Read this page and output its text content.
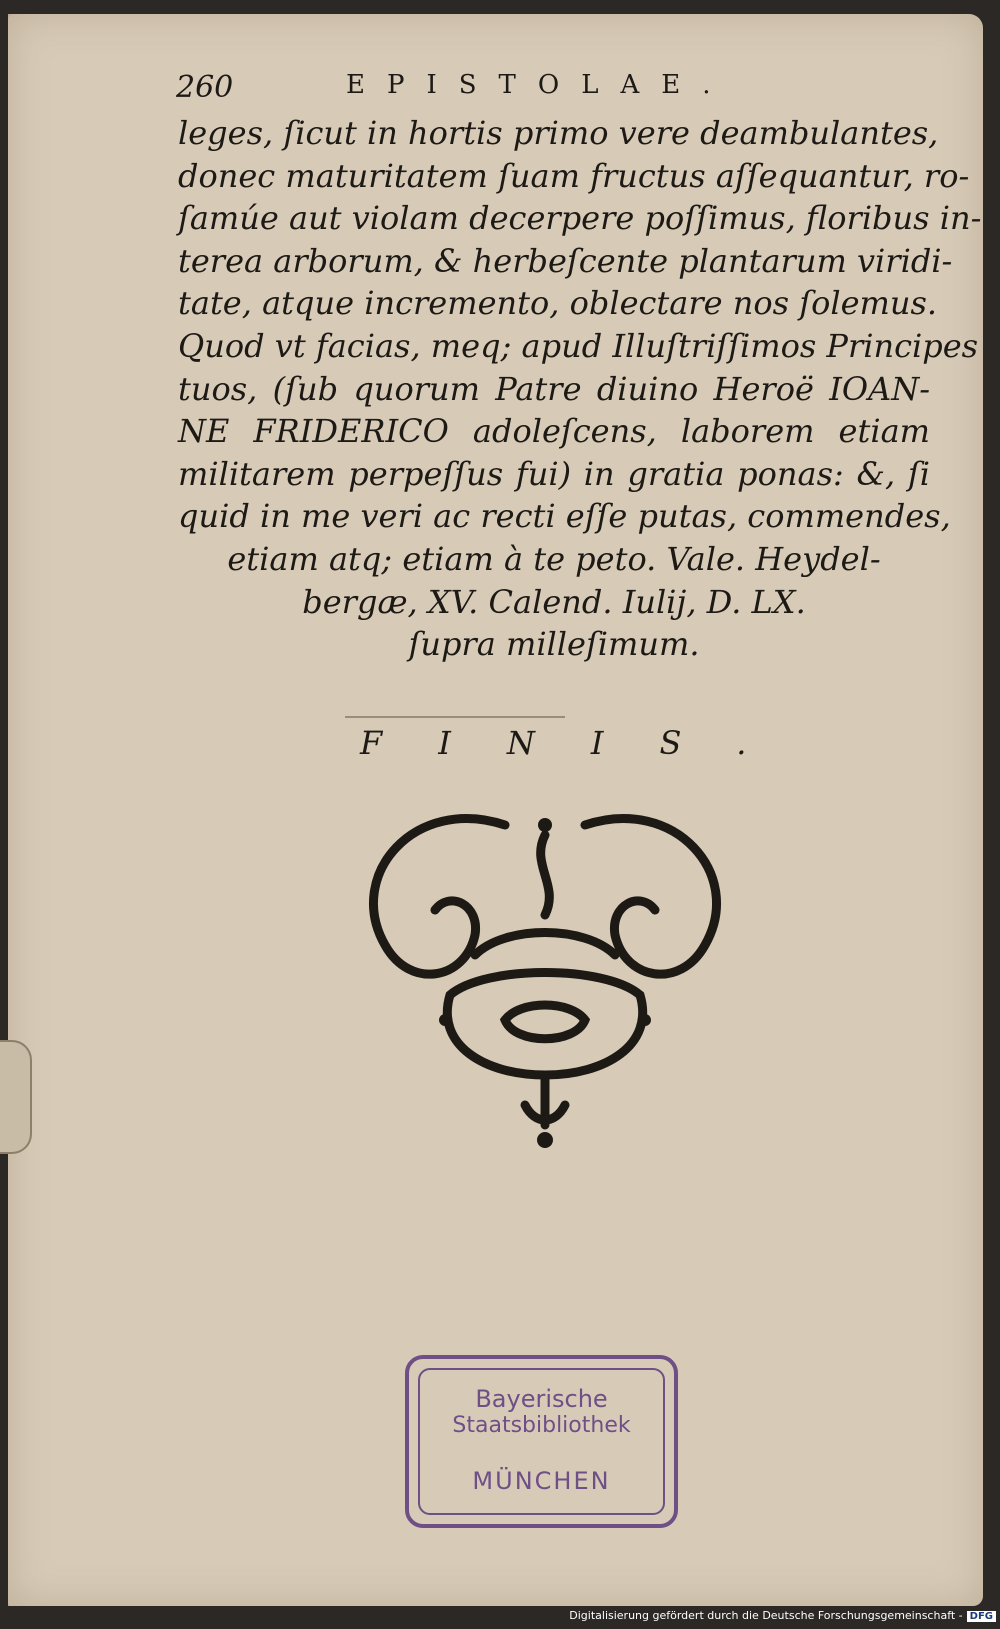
260	EPISTOLAE.
leges, ſicut in hortis primo vere deambulantes,
donec maturitatem ſuam fructus aſſequantur, ro-
ſamúe aut violam decerpere poſſimus, floribus in-
terea arborum, & herbeſcente plantarum viridi-
tate, atque incremento, oblectare nos ſolemus.
Quod vt facias, meq; apud Illuſtriſſimos Principes
tuos, (ſub quorum Patre diuino Heroë IOAN-
NE FRIDERICO adoleſcens, laborem etiam
militarem perpeſſus fui) in gratia ponas: &, ſi
quid in me veri ac recti eſſe putas, commendes,
etiam atq; etiam à te peto. Vale. Heydel-
bergæ, XV. Calend. Iulij, D. LX.
ſupra milleſimum.
FINIS.
Bayerische
Staatsbibliothek
MÜNCHEN
Digitalisierung gefördert durch die Deutsche Forschungsgemeinschaft - DFG
